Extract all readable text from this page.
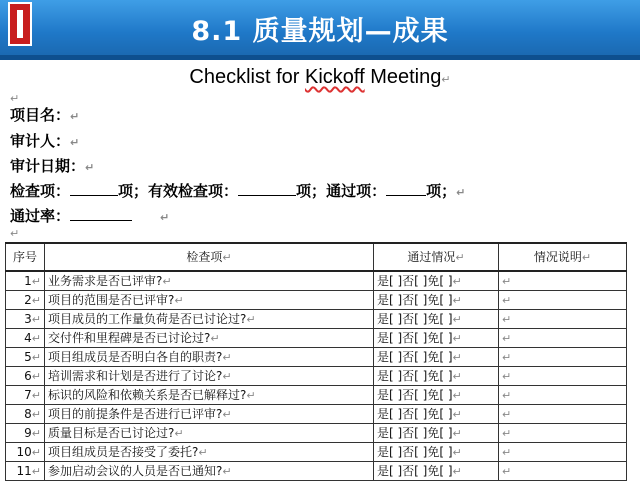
8.1 质量规划—成果
Checklist for Kickoff Meeting↵
↵
项目名：↵
审计人：↵
审计日期：↵
检查项：	项；有效检查项：	项；通过项：	项；↵
通过率：	↵
↵
序号	检查项↵	通过情况↵	情况说明↵
1↵	业务需求是否已评审?↵	是[ ]否[ ]免[ ]↵	↵
2↵	项目的范围是否已评审?↵	是[ ]否[ ]免[ ]↵	↵
3↵	项目成员的工作量负荷是否已讨论过?↵	是[ ]否[ ]免[ ]↵	↵
4↵	交付件和里程碑是否已讨论过?↵	是[ ]否[ ]免[ ]↵	↵
5↵	项目组成员是否明白各自的职责?↵	是[ ]否[ ]免[ ]↵	↵
6↵	培训需求和计划是否进行了讨论?↵	是[ ]否[ ]免[ ]↵	↵
7↵	标识的风险和依赖关系是否已解释过?↵	是[ ]否[ ]免[ ]↵	↵
8↵	项目的前提条件是否进行已评审?↵	是[ ]否[ ]免[ ]↵	↵
9↵	质量目标是否已讨论过?↵	是[ ]否[ ]免[ ]↵	↵
10↵	项目组成员是否接受了委托?↵	是[ ]否[ ]免[ ]↵	↵
11↵	参加启动会议的人员是否已通知?↵	是[ ]否[ ]免[ ]↵	↵
